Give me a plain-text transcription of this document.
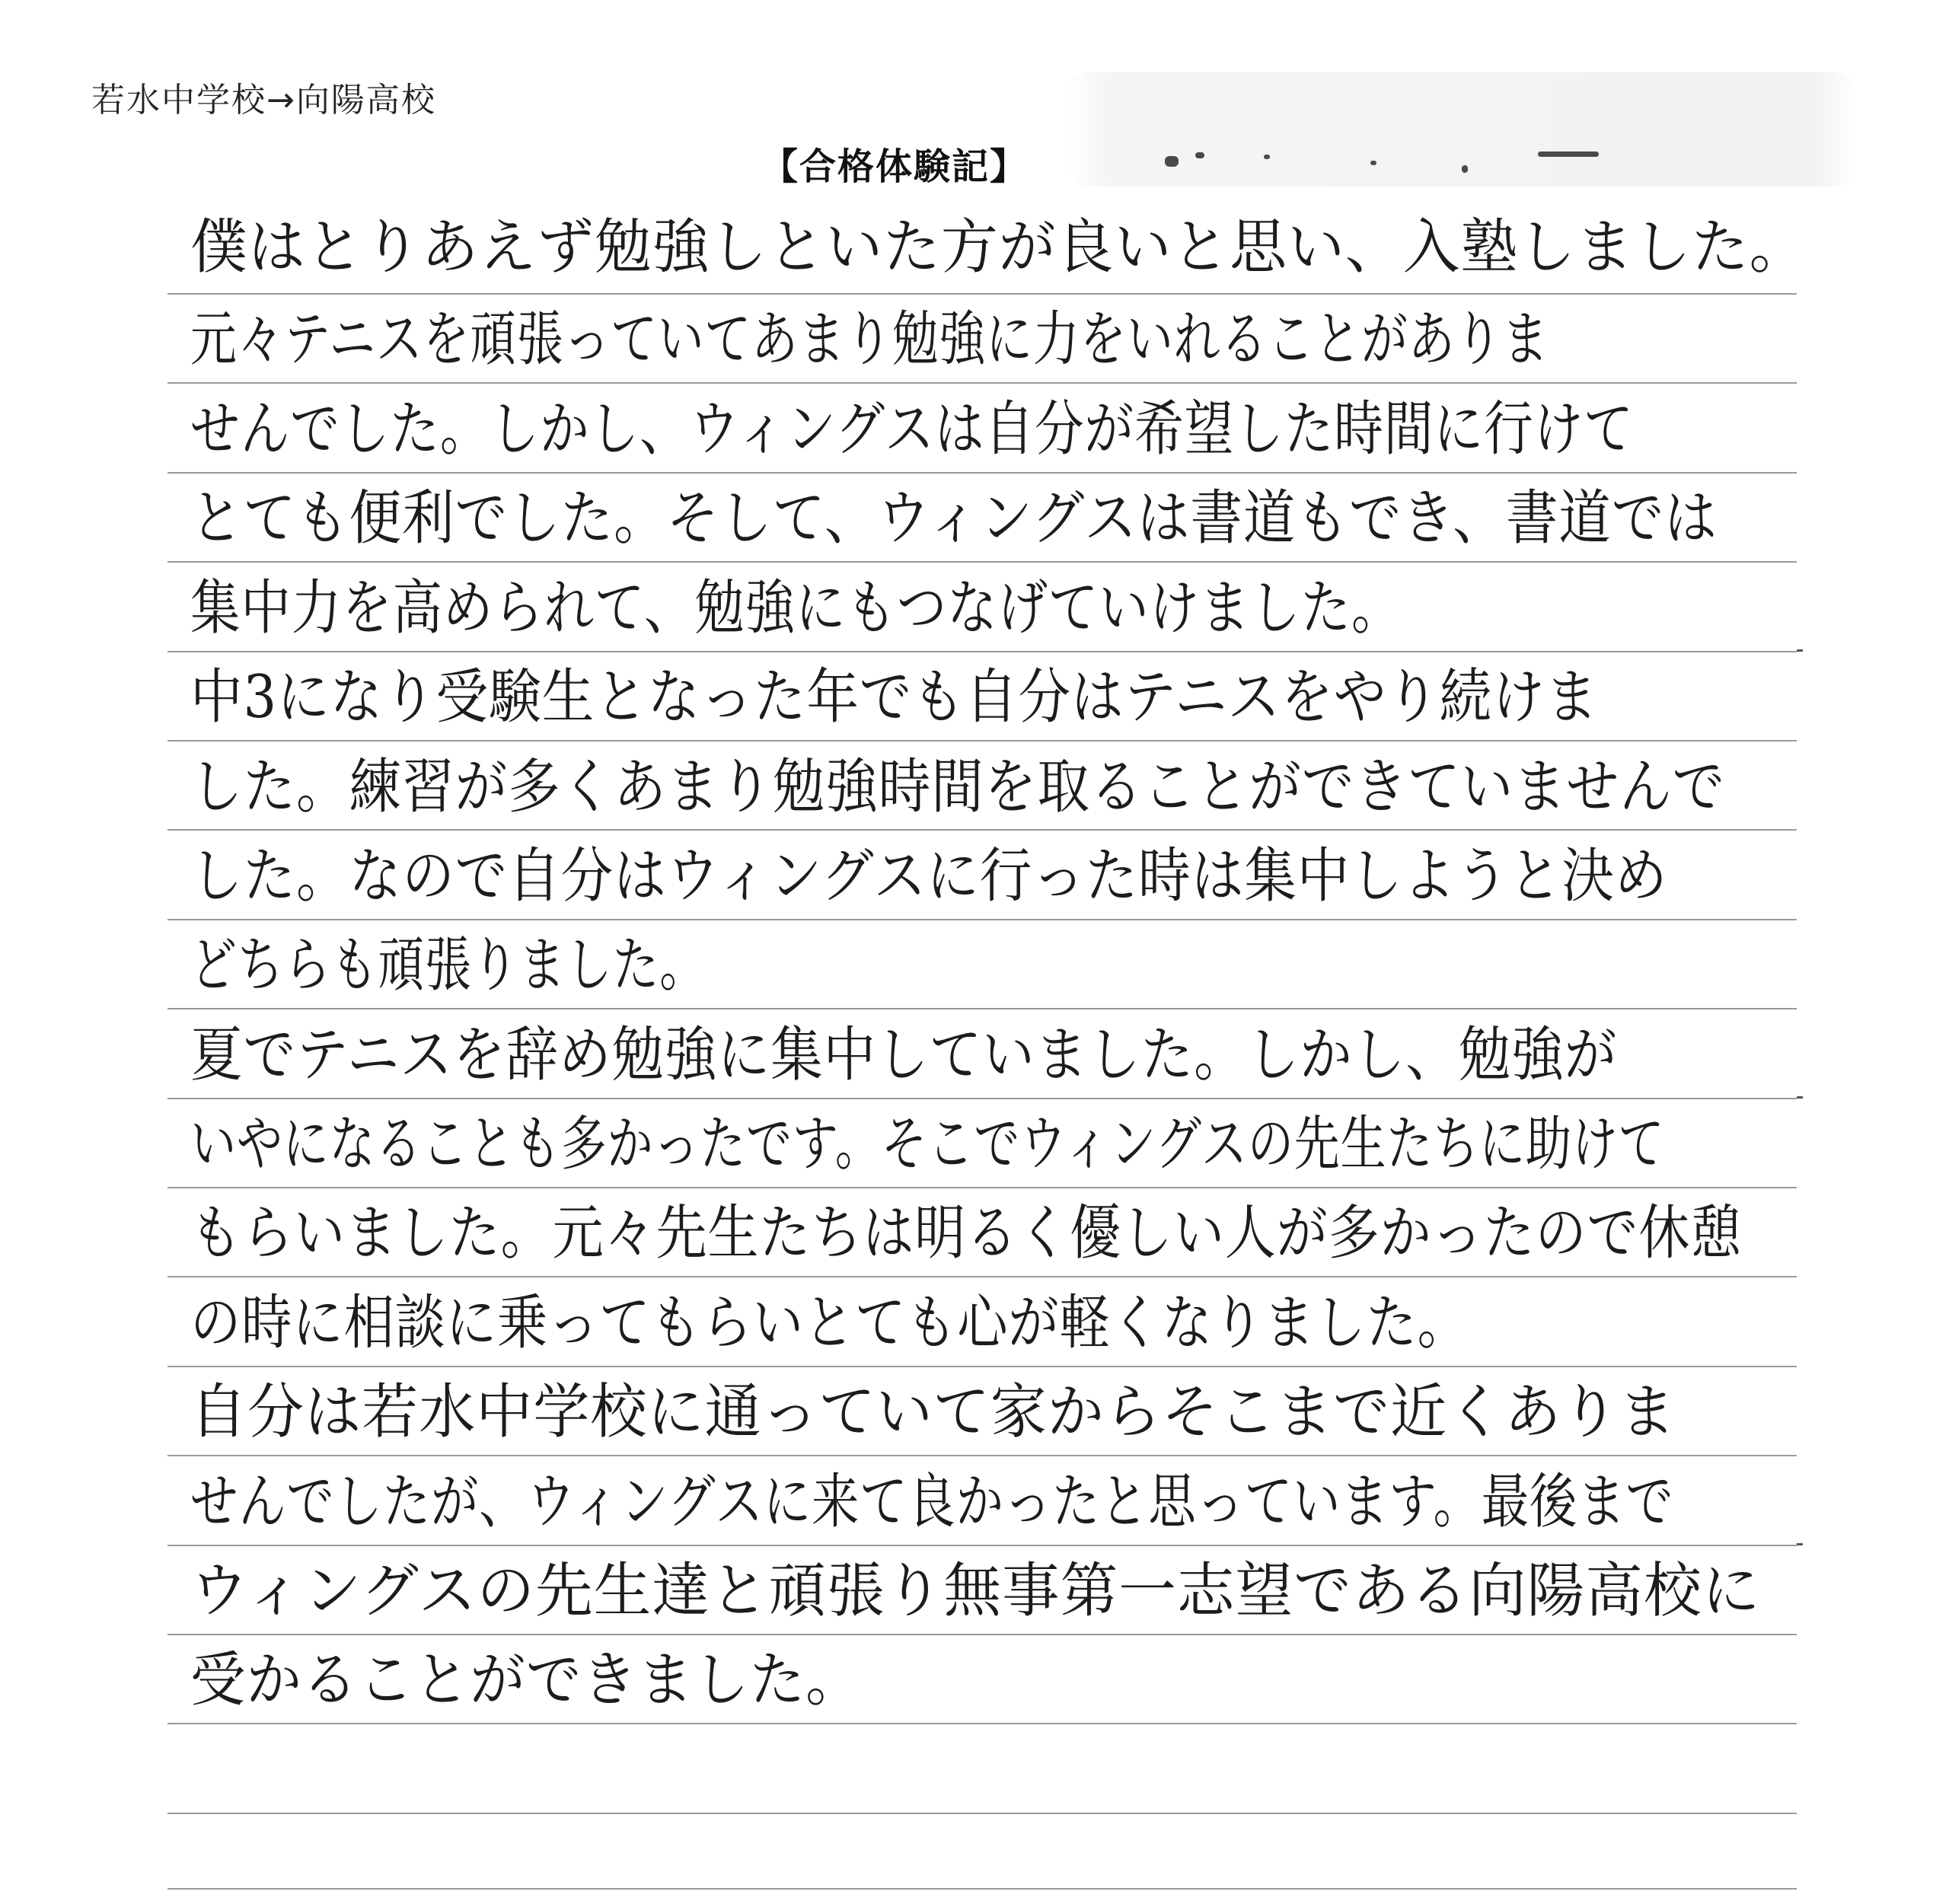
若水中学校→向陽高校
【合格体験記】
僕はとりあえず勉強しといた方が良いと思い、入塾しました。
元々テニスを頑張っていてあまり勉強に力をいれることがありま
せんでした。しかし、ウィングスは自分が希望した時間に行けて
とても便利でした。そして、ウィングスは書道もでき、書道では
集中力を高められて、勉強にもつなげていけました。
中3になり受験生となった年でも自分はテニスをやり続けま
した。練習が多くあまり勉強時間を取ることができていませんで
した。なので自分はウィングスに行った時は集中しようと決め
どちらも頑張りました。
夏でテニスを辞め勉強に集中していました。しかし、勉強が
いやになることも多かったです。そこでウィングスの先生たちに助けて
もらいました。元々先生たちは明るく優しい人が多かったので休憩
の時に相談に乗ってもらいとても心が軽くなりました。
自分は若水中学校に通っていて家からそこまで近くありま
せんでしたが、ウィングスに来て良かったと思っています。最後まで
ウィングスの先生達と頑張り無事第一志望である向陽高校に
受かることができました。
